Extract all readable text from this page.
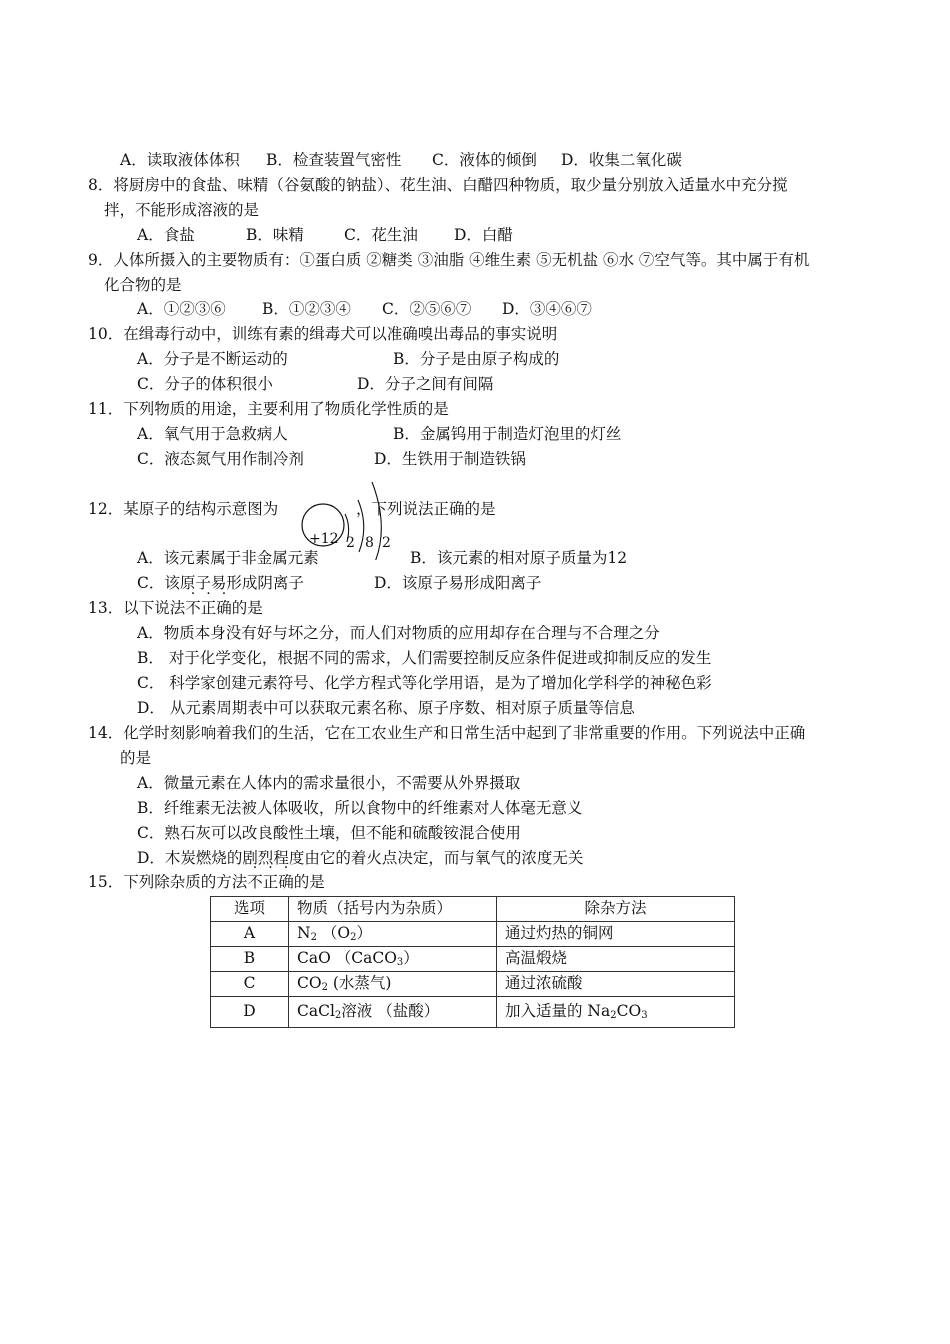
A．读取液体体积 B．检查装置气密性 C．液体的倾倒 D．收集二氧化碳
8．将厨房中的食盐、味精（谷氨酸的钠盐）、花生油、白醋四种物质，取少量分别放入适量水中充分搅
拌，不能形成溶液的是
A．食盐	B．味精	C．花生油 D．白醋
9．人体所摄入的主要物质有：①蛋白质 ②糖类 ③油脂 ④维生素 ⑤无机盐 ⑥水 ⑦空气等。其中属于有机
化合物的是
A．①②③⑥ B．①②③④ C．②⑤⑥⑦ D．③④⑥⑦
10．在缉毒行动中，训练有素的缉毒犬可以准确嗅出毒品的事实说明
A．分子是不断运动的	B．分子是由原子构成的
C．分子的体积很小	D．分子之间有间隔
11．下列物质的用途，主要利用了物质化学性质的是
A．氧气用于急救病人	B．金属钨用于制造灯泡里的灯丝
C．液态氮气用作制冷剂	D．生铁用于制造铁锅
12．某原子的结构示意图为	，下列说法正确的是
+12 2 8 2
A．该元素属于非金属元素	B．该元素的相对原子质量为12
C．该原子易形成阴离子	D．该原子易形成阳离子
13．以下说法不正确的是
A．物质本身没有好与坏之分，而人们对物质的应用却存在合理与不合理之分
B． 对于化学变化，根据不同的需求，人们需要控制反应条件促进或抑制反应的发生
C． 科学家创建元素符号、化学方程式等化学用语，是为了增加化学科学的神秘色彩
D． 从元素周期表中可以获取元素名称、原子序数、相对原子质量等信息
14．化学时刻影响着我们的生活，它在工农业生产和日常生活中起到了非常重要的作用。下列说法中正确
的是
A．微量元素在人体内的需求量很小，不需要从外界摄取
B．纤维素无法被人体吸收，所以食物中的纤维素对人体毫无意义
C．熟石灰可以改良酸性土壤，但不能和硫酸铵混合使用
D．木炭燃烧的剧烈程度由它的着火点决定，而与氧气的浓度无关
15．下列除杂质的方法不正确的是
选项	物质（括号内为杂质）	除杂方法
A	$N_2$ $(O_2)$	通过灼热的铜网
B	CaO （CaCO$_3$）	高温煅烧
C	$CO_2$ (水蒸气)	通过浓硫酸
D	CaCl$_2$溶液 （盐酸）	加入适量的 $Na_2CO_3$
